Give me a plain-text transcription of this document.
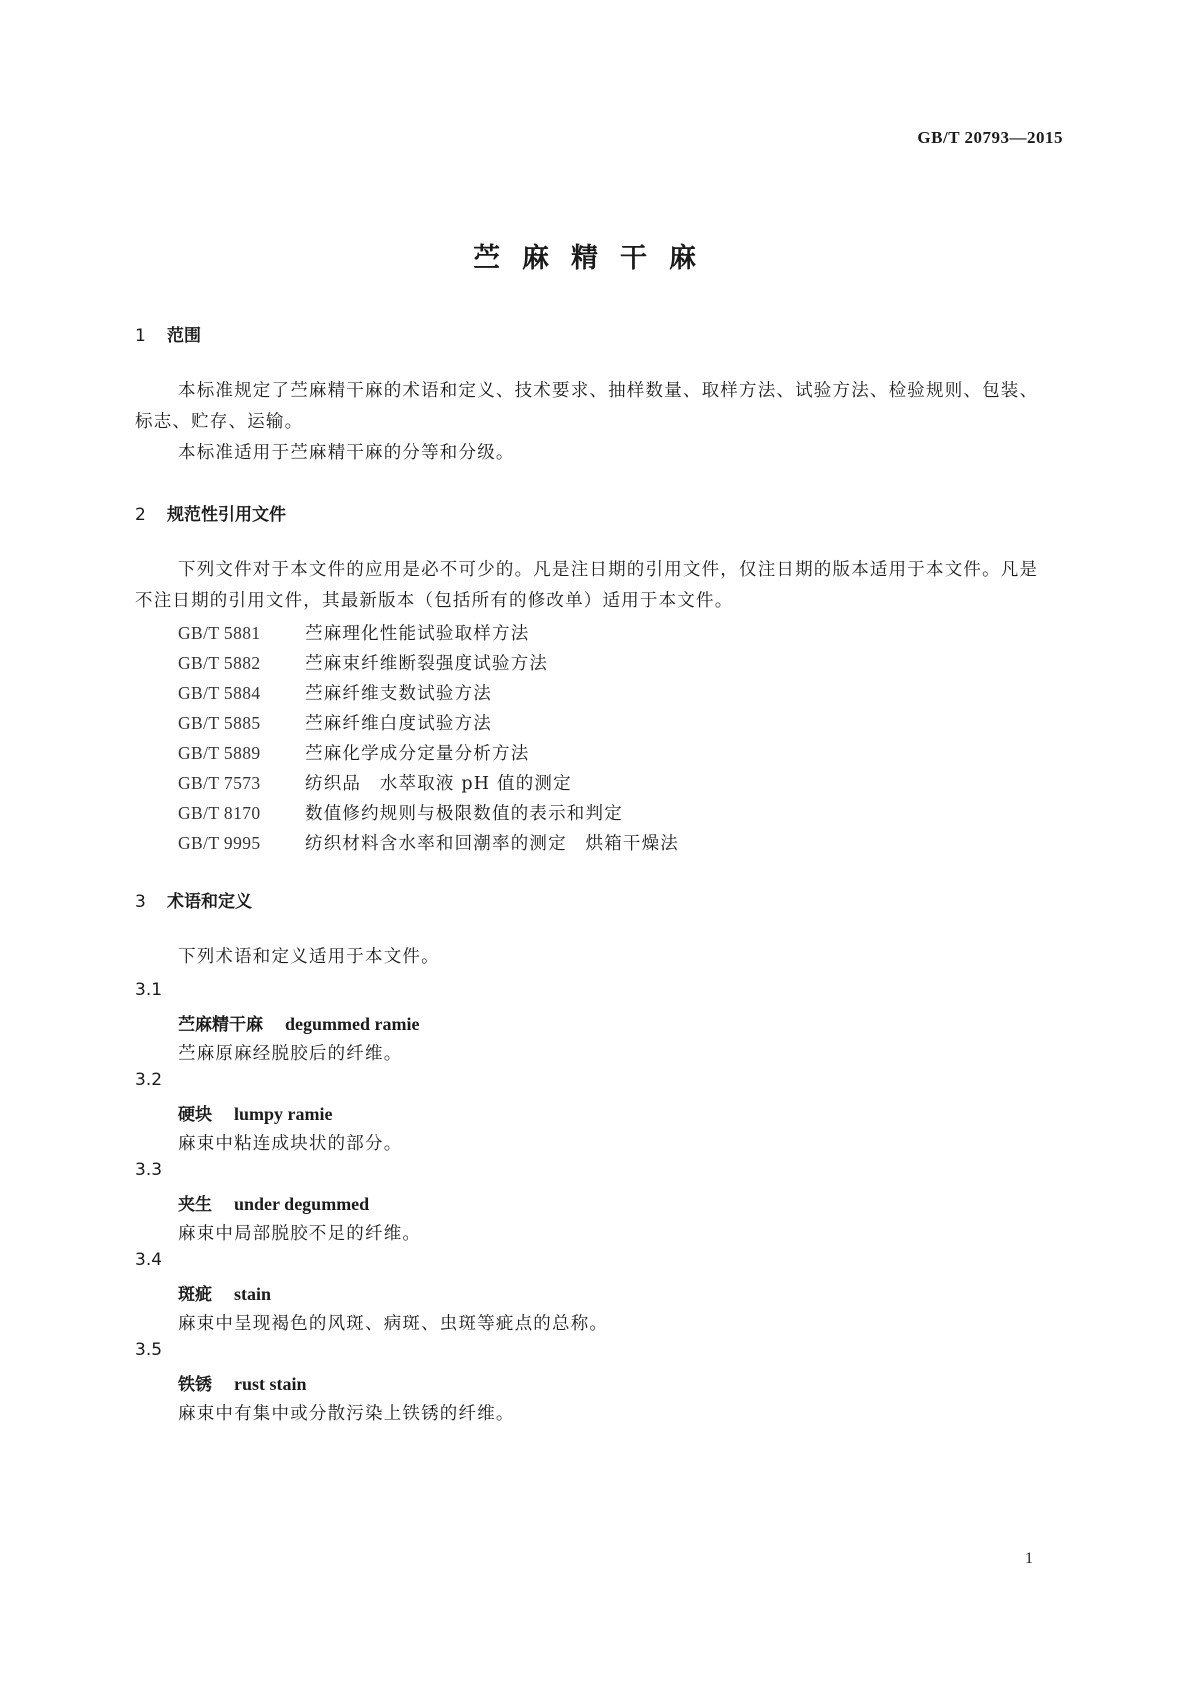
GB/T 20793—2015
苎麻精干麻
1 范围

本标准规定了苎麻精干麻的术语和定义、技术要求、抽样数量、取样方法、试验方法、检验规则、包装、标志、贮存、运输。

本标准适用于苎麻精干麻的分等和分级。

2 规范性引用文件

下列文件对于本文件的应用是必不可少的。凡是注日期的引用文件，仅注日期的版本适用于本文件。凡是不注日期的引用文件，其最新版本（包括所有的修改单）适用于本文件。

GB/T 5881	苎麻理化性能试验取样方法
GB/T 5882	苎麻束纤维断裂强度试验方法
GB/T 5884	苎麻纤维支数试验方法
GB/T 5885	苎麻纤维白度试验方法
GB/T 5889	苎麻化学成分定量分析方法
GB/T 7573	纺织品　水萃取液 pH 值的测定
GB/T 8170	数值修约规则与极限数值的表示和判定
GB/T 9995	纺织材料含水率和回潮率的测定　烘箱干燥法
3 术语和定义

下列术语和定义适用于本文件。

3.1
苎麻精干麻 degummed ramie
苎麻原麻经脱胶后的纤维。
3.2
硬块 lumpy ramie
麻束中粘连成块状的部分。
3.3
夹生 under degummed
麻束中局部脱胶不足的纤维。
3.4
斑疵 stain
麻束中呈现褐色的风斑、病斑、虫斑等疵点的总称。
3.5
铁锈 rust stain
麻束中有集中或分散污染上铁锈的纤维。
1
